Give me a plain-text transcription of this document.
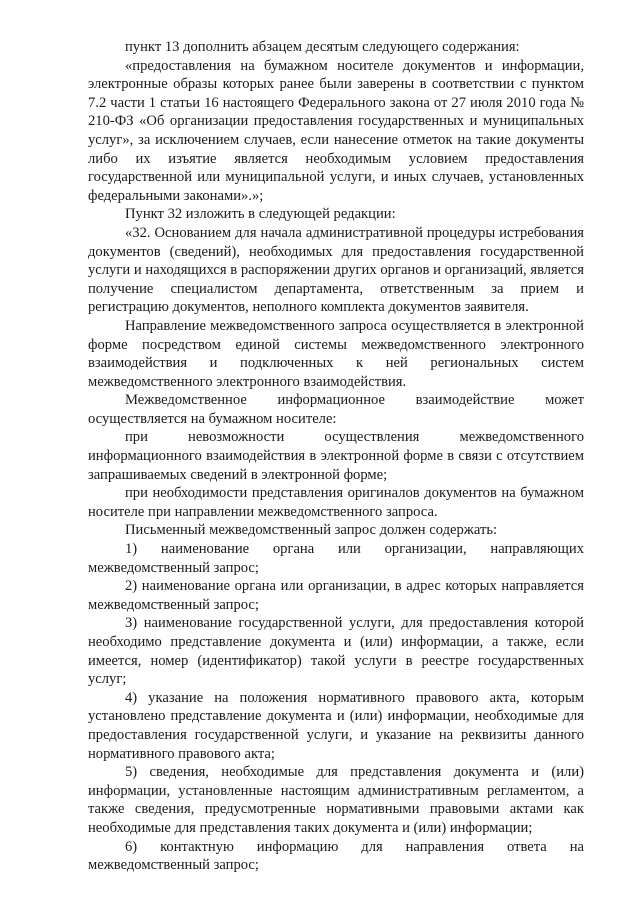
пункт 13 дополнить абзацем десятым следующего содержания:

«предоставления на бумажном носителе документов и информации, электронные образы которых ранее были заверены в соответствии с пунктом 7.2 части 1 статьи 16 настоящего Федерального закона от 27 июля 2010 года № 210-ФЗ «Об организации предоставления государственных и муниципальных услуг», за исключением случаев, если нанесение отметок на такие документы либо их изъятие является необходимым условием предоставления государственной или муниципальной услуги, и иных случаев, установленных федеральными законами».»;

Пункт 32 изложить в следующей редакции:

«32. Основанием для начала административной процедуры истребования документов (сведений), необходимых для предоставления государственной услуги и находящихся в распоряжении других органов и организаций, является получение специалистом департамента, ответственным за прием и регистрацию документов, неполного комплекта документов заявителя.

Направление межведомственного запроса осуществляется в электронной форме посредством единой системы межведомственного электронного взаимодействия и подключенных к ней региональных систем межведомственного электронного взаимодействия.

Межведомственное информационное взаимодействие может осуществляется на бумажном носителе:

при невозможности осуществления межведомственного информационного взаимодействия в электронной форме в связи с отсутствием запрашиваемых сведений в электронной форме;

при необходимости представления оригиналов документов на бумажном носителе при направлении межведомственного запроса.

Письменный межведомственный запрос должен содержать:

1) наименование органа или организации, направляющих межведомственный запрос;

2) наименование органа или организации, в адрес которых направляется межведомственный запрос;

3) наименование государственной услуги, для предоставления которой необходимо представление документа и (или) информации, а также, если имеется, номер (идентификатор) такой услуги в реестре государственных услуг;

4) указание на положения нормативного правового акта, которым установлено представление документа и (или) информации, необходимые для предоставления государственной услуги, и указание на реквизиты данного нормативного правового акта;

5) сведения, необходимые для представления документа и (или) информации, установленные настоящим административным регламентом, а также сведения, предусмотренные нормативными правовыми актами как необходимые для представления таких документа и (или) информации;

6) контактную информацию для направления ответа на межведомственный запрос;
